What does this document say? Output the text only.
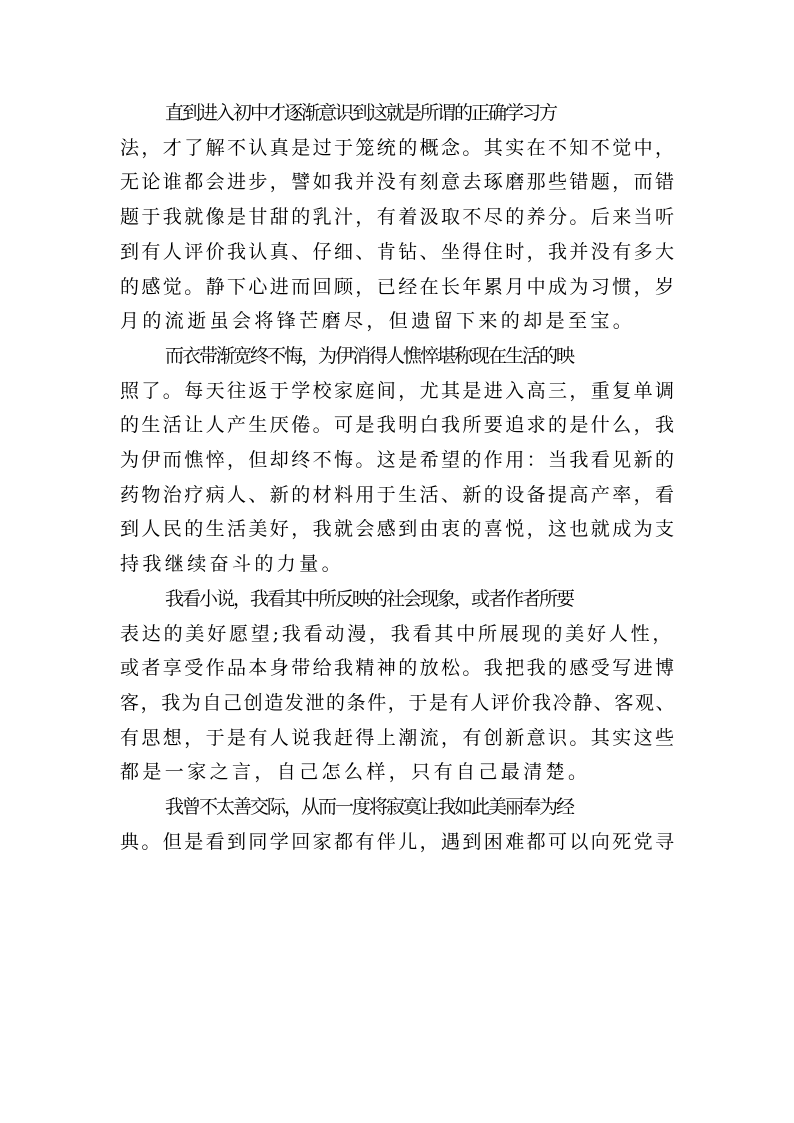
直到进入初中才逐渐意识到这就是所谓的正确学习方
法，才了解不认真是过于笼统的概念。其实在不知不觉中，
无论谁都会进步，譬如我并没有刻意去琢磨那些错题，而错
题于我就像是甘甜的乳汁，有着汲取不尽的养分。后来当听
到有人评价我认真、仔细、肯钻、坐得住时，我并没有多大
的感觉。静下心进而回顾，已经在长年累月中成为习惯，岁
月的流逝虽会将锋芒磨尽，但遗留下来的却是至宝。
而衣带渐宽终不悔，为伊消得人憔悴堪称现在生活的映
照了。每天往返于学校家庭间，尤其是进入高三，重复单调
的生活让人产生厌倦。可是我明白我所要追求的是什么，我
为伊而憔悴，但却终不悔。这是希望的作用：当我看见新的
药物治疗病人、新的材料用于生活、新的设备提高产率，看
到人民的生活美好，我就会感到由衷的喜悦，这也就成为支
持我继续奋斗的力量。
我看小说，我看其中所反映的社会现象，或者作者所要
表达的美好愿望;我看动漫，我看其中所展现的美好人性，
或者享受作品本身带给我精神的放松。我把我的感受写进博
客，我为自己创造发泄的条件，于是有人评价我冷静、客观、
有思想，于是有人说我赶得上潮流，有创新意识。其实这些
都是一家之言，自己怎么样，只有自己最清楚。
我曾不太善交际，从而一度将寂寞让我如此美丽奉为经
典。但是看到同学回家都有伴儿，遇到困难都可以向死党寻
